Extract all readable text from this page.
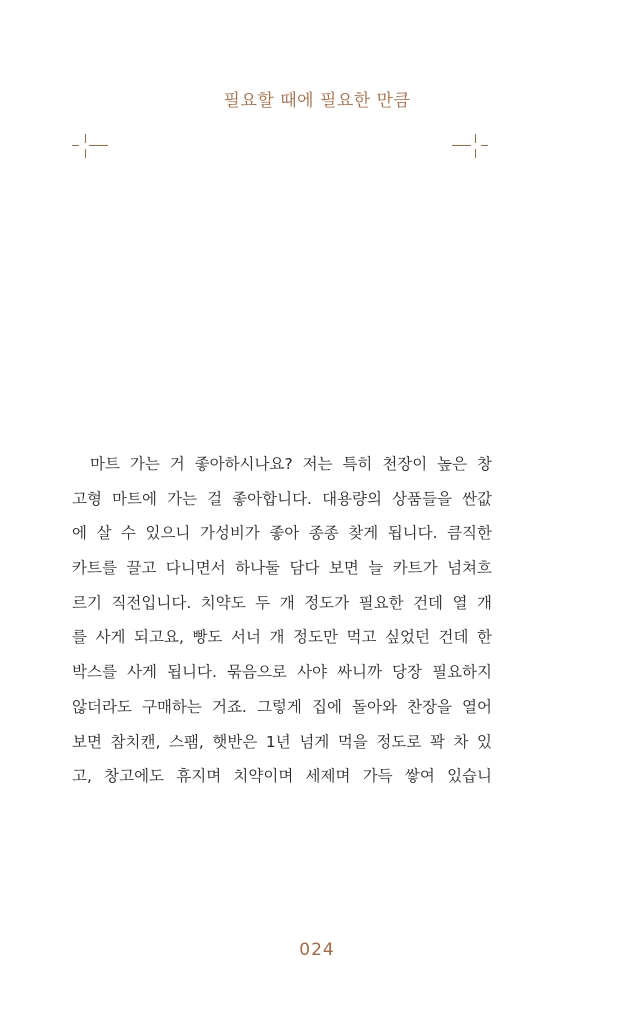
필요할 때에 필요한 만큼
마트 가는 거 좋아하시나요? 저는 특히 천장이 높은 창
고형 마트에 가는 걸 좋아합니다. 대용량의 상품들을 싼값
에 살 수 있으니 가성비가 좋아 종종 찾게 됩니다. 큼직한
카트를 끌고 다니면서 하나둘 담다 보면 늘 카트가 넘쳐흐
르기 직전입니다. 치약도 두 개 정도가 필요한 건데 열 개
를 사게 되고요, 빵도 서너 개 정도만 먹고 싶었던 건데 한
박스를 사게 됩니다. 묶음으로 사야 싸니까 당장 필요하지
않더라도 구매하는 거죠. 그렇게 집에 돌아와 찬장을 열어
보면 참치캔, 스팸, 햇반은 1년 넘게 먹을 정도로 꽉 차 있
고, 창고에도 휴지며 치약이며 세제며 가득 쌓여 있습니
024
